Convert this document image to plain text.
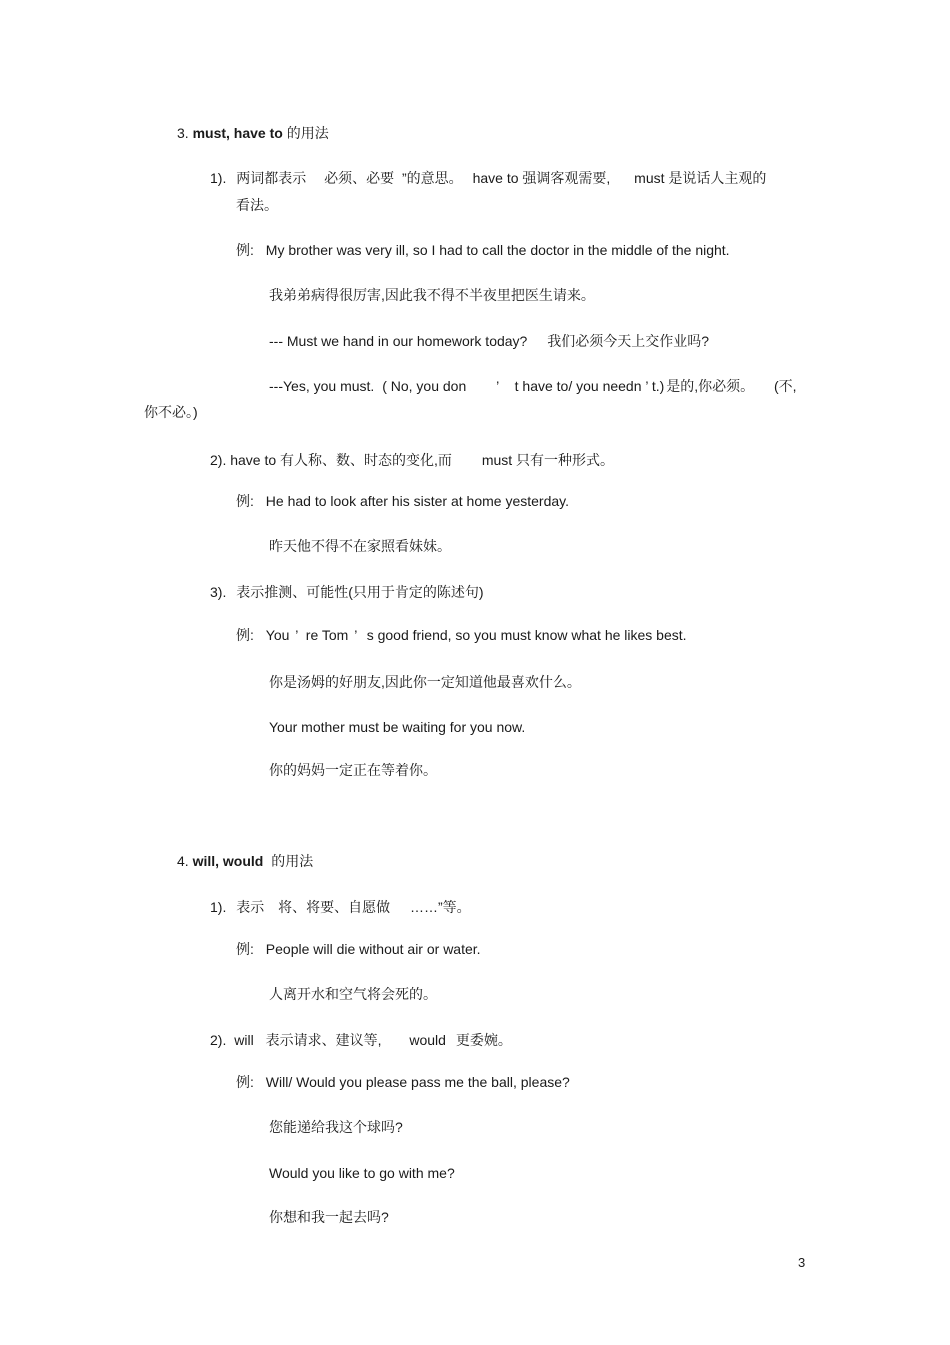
3. must, have to 的用法
1). 两词都表示 必须、必要 ”的意思。 have to 强调客观需要, must 是说话人主观的
看法。
例: My brother was very ill, so I had to call the doctor in the middle of the night.
我弟弟病得很厉害,因此我不得不半夜里把医生请来。
--- Must we hand in our homework today? 我们必须今天上交作业吗?
---Yes, you must. ( No, you don ’ t have to/ you needn ’ t.) 是的,你必须。 (不,
你不必。)
2). have to 有人称、数、时态的变化,而 must 只有一种形式。
例: He had to look after his sister at home yesterday.
昨天他不得不在家照看妹妹。
3). 表示推测、可能性(只用于肯定的陈述句)
例: You ’ re Tom ’ s good friend, so you must know what he likes best.
你是汤姆的好朋友,因此你一定知道他最喜欢什么。
Your mother must be waiting for you now.
你的妈妈一定正在等着你。
4. will, would 的用法
1). 表示 将、将要、自愿做 ……”等。
例: People will die without air or water.
人离开水和空气将会死的。
2). will 表示请求、建议等, would 更委婉。
例: Will/ Would you please pass me the ball, please?
您能递给我这个球吗?
Would you like to go with me?
你想和我一起去吗?
3
